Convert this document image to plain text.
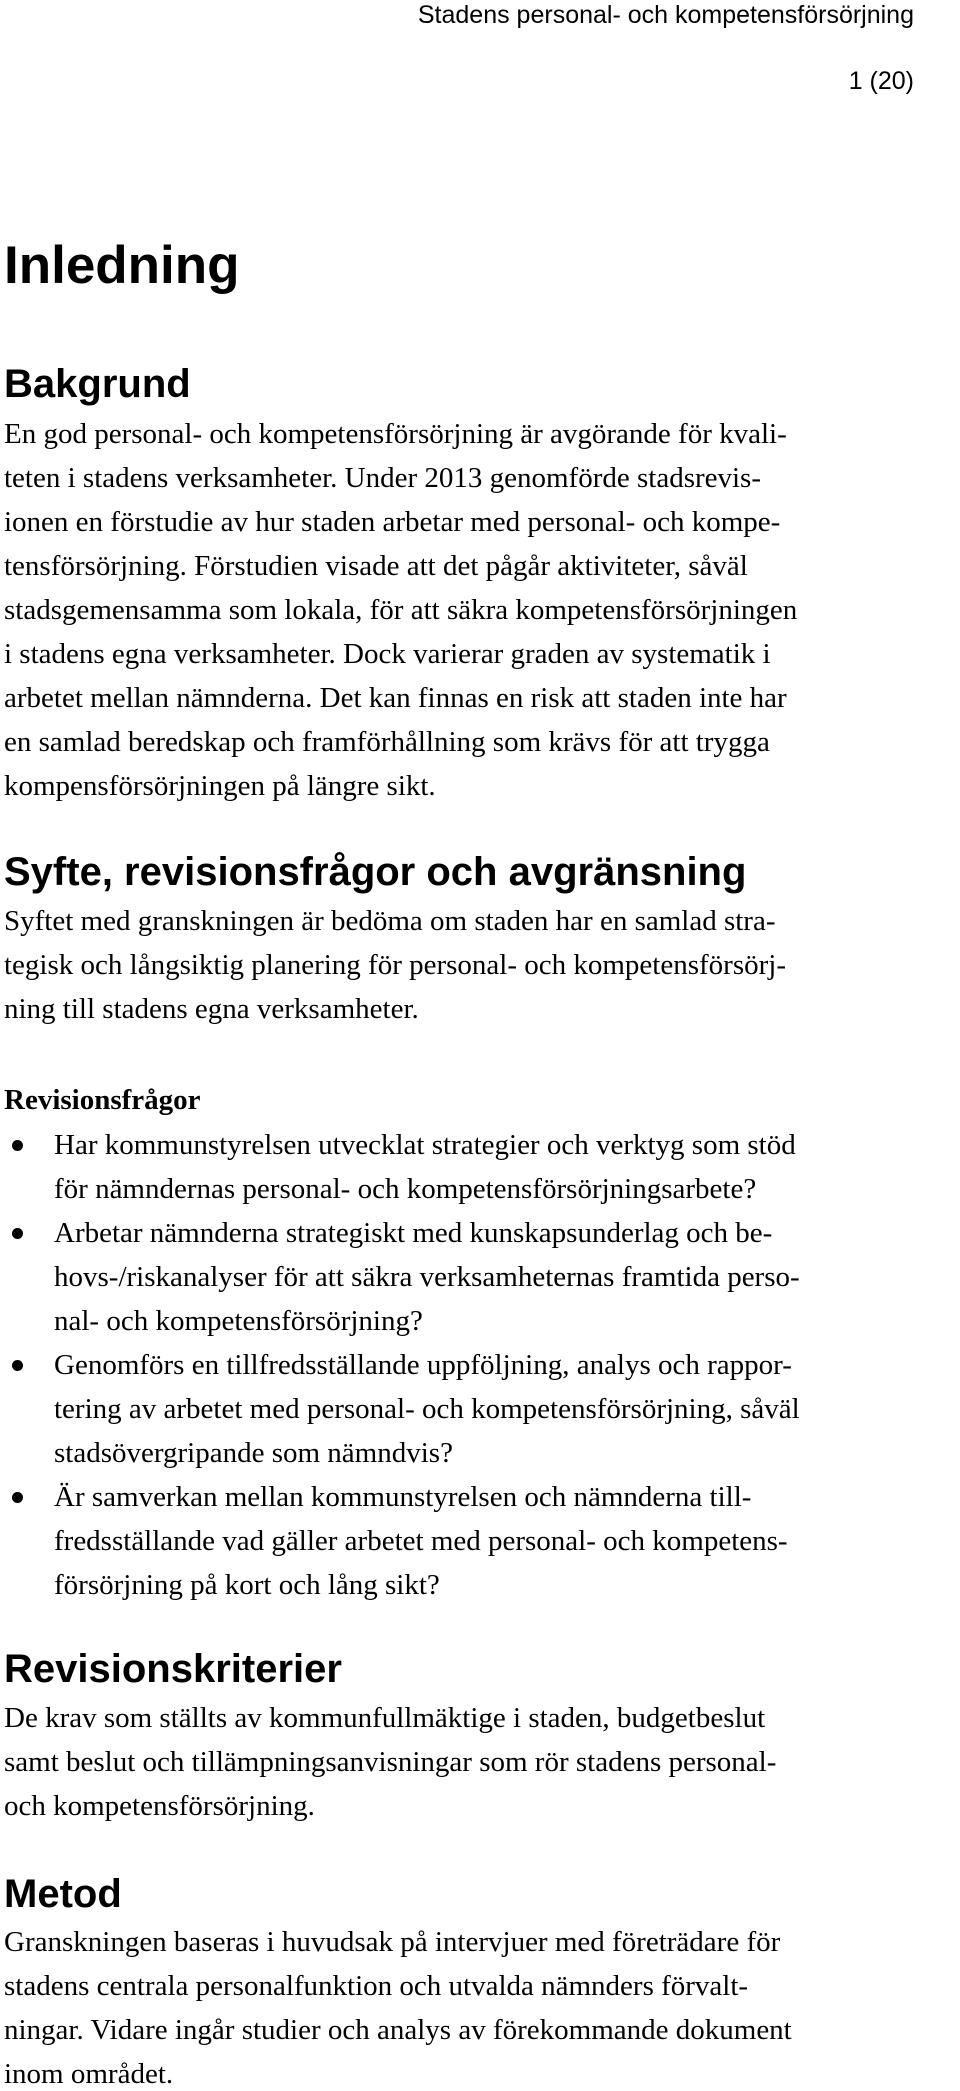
Stadens personal- och kompetensförsörjning
1 (20)
Inledning
Bakgrund

En god personal- och kompetensförsörjning är avgörande för kvali-

teten i stadens verksamheter. Under 2013 genomförde stadsrevis-

ionen en förstudie av hur staden arbetar med personal- och kompe-

tensförsörjning. Förstudien visade att det pågår aktiviteter, såväl

stadsgemensamma som lokala, för att säkra kompetensförsörjningen

i stadens egna verksamheter. Dock varierar graden av systematik i

arbetet mellan nämnderna. Det kan finnas en risk att staden inte har

en samlad beredskap och framförhållning som krävs för att trygga

kompensförsörjningen på längre sikt.

Syfte, revisionsfrågor och avgränsning

Syftet med granskningen är bedöma om staden har en samlad stra-

tegisk och långsiktig planering för personal- och kompetensförsörj-

ning till stadens egna verksamheter.

Revisionsfrågor

Har kommunstyrelsen utvecklat strategier och verktyg som stöd

för nämndernas personal- och kompetensförsörjningsarbete?

Arbetar nämnderna strategiskt med kunskapsunderlag och be-

hovs-/riskanalyser för att säkra verksamheternas framtida perso-

nal- och kompetensförsörjning?

Genomförs en tillfredsställande uppföljning, analys och rappor-

tering av arbetet med personal- och kompetensförsörjning, såväl

stadsövergripande som nämndvis?

Är samverkan mellan kommunstyrelsen och nämnderna till-

fredsställande vad gäller arbetet med personal- och kompetens-

försörjning på kort och lång sikt?

Revisionskriterier

De krav som ställts av kommunfullmäktige i staden, budgetbeslut

samt beslut och tillämpningsanvisningar som rör stadens personal-

och kompetensförsörjning.

Metod

Granskningen baseras i huvudsak på intervjuer med företrädare för

stadens centrala personalfunktion och utvalda nämnders förvalt-

ningar. Vidare ingår studier och analys av förekommande dokument

inom området.
